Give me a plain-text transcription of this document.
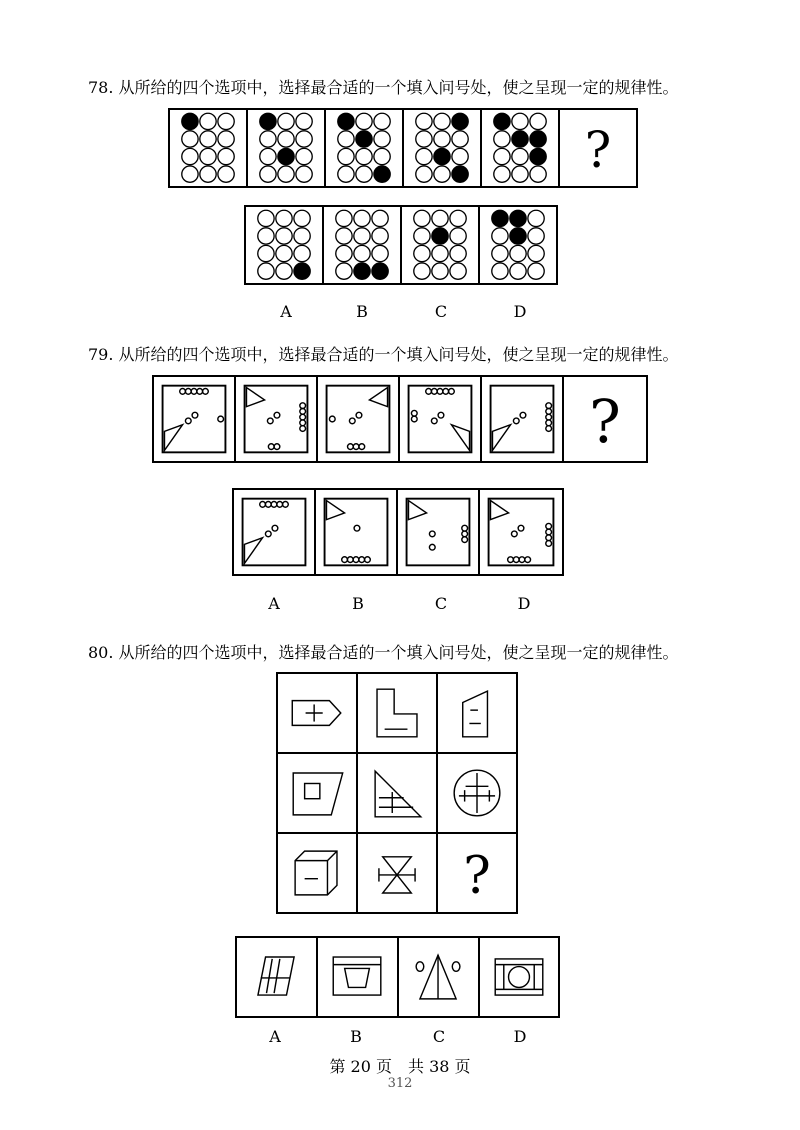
78. 从所给的四个选项中，选择最合适的一个填入问号处，使之呈现一定的规律性。
?
A	B	C	D
79. 从所给的四个选项中，选择最合适的一个填入问号处，使之呈现一定的规律性。
?
A	B	C	D
80. 从所给的四个选项中，选择最合适的一个填入问号处，使之呈现一定的规律性。
?
A	B	C	D
第 20 页　共 38 页
312
